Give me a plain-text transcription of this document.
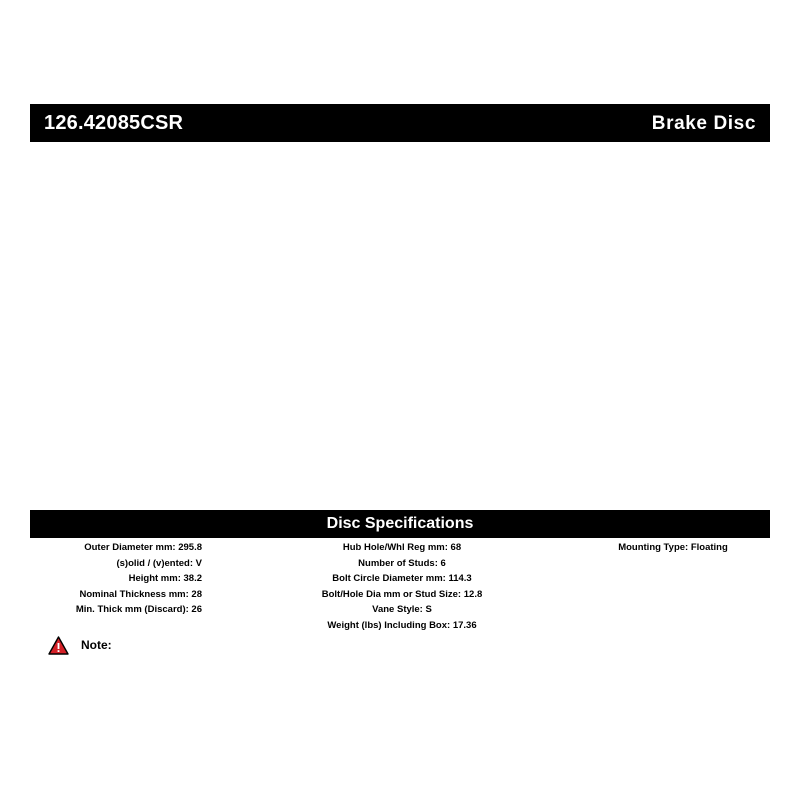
126.42085CSR	Brake Disc
Disc Specifications
Outer Diameter mm: 295.8
(s)olid / (v)ented: V
Height mm: 38.2
Nominal Thickness mm: 28
Min. Thick mm (Discard): 26
Hub Hole/Whl Reg mm: 68
Number of Studs: 6
Bolt Circle Diameter mm: 114.3
Bolt/Hole Dia mm or Stud Size: 12.8
Vane Style: S
Weight (lbs) Including Box: 17.36
Mounting Type: Floating
Note:
